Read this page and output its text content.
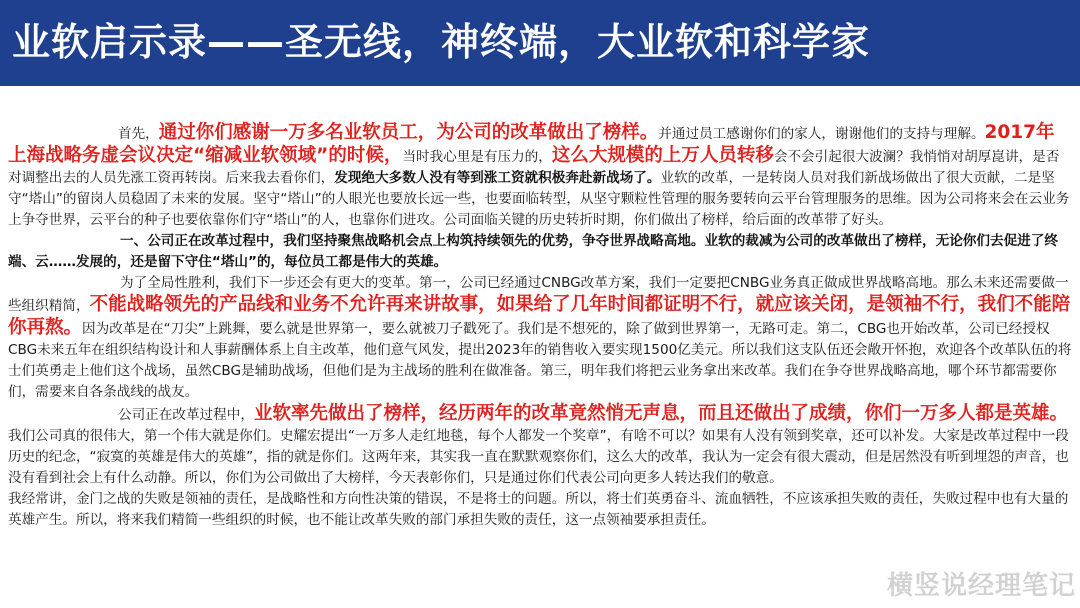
业软启示录——圣无线，神终端，大业软和科学家

首先，通过你们感谢一万多名业软员工，为公司的改革做出了榜样。并通过员工感谢你们的家人，谢谢他们的支持与理解。2017年上海战略务虚会议决定“缩减业软领域”的时候，当时我心里是有压力的，这么大规模的上万人员转移会不会引起很大波澜？我悄悄对胡厚崑讲，是否对调整出去的人员先涨工资再转岗。后来我去看你们，发现绝大多数人没有等到涨工资就积极奔赴新战场了。业软的改革，一是转岗人员对我们新战场做出了很大贡献，二是坚守“塔山”的留岗人员稳固了未来的发展。坚守“塔山”的人眼光也要放长远一些，也要面临转型，从坚守颗粒性管理的服务要转向云平台管理服务的思维。因为公司将来会在云业务上争夺世界，云平台的种子也要依靠你们守“塔山”的人，也靠你们进攻。公司面临关键的历史转折时期，你们做出了榜样，给后面的改革带了好头。

一、公司正在改革过程中，我们坚持聚焦战略机会点上构筑持续领先的优势，争夺世界战略高地。业软的裁减为公司的改革做出了榜样，无论你们去促进了终端、云……发展的，还是留下守住“塔山”的，每位员工都是伟大的英雄。

为了全局性胜利，我们下一步还会有更大的变革。第一，公司已经通过CNBG改革方案，我们一定要把CNBG业务真正做成世界战略高地。那么未来还需要做一些组织精简，不能战略领先的产品线和业务不允许再来讲故事，如果给了几年时间都证明不行，就应该关闭，是领袖不行，我们不能陪你再熬。因为改革是在“刀尖”上跳舞，要么就是世界第一，要么就被刀子戳死了。我们是不想死的，除了做到世界第一，无路可走。第二，CBG也开始改革，公司已经授权CBG未来五年在组织结构设计和人事薪酬体系上自主改革，他们意气风发，提出2023年的销售收入要实现1500亿美元。所以我们这支队伍还会敞开怀抱，欢迎各个改革队伍的将士们英勇走上他们这个战场，虽然CBG是辅助战场，但他们是为主战场的胜利在做准备。第三，明年我们将把云业务拿出来改革。我们在争夺世界战略高地，哪个环节都需要你们，需要来自各条战线的战友。

公司正在改革过程中，业软率先做出了榜样，经历两年的改革竟然悄无声息，而且还做出了成绩，你们一万多人都是英雄。我们公司真的很伟大，第一个伟大就是你们。史耀宏提出“一万多人走红地毯，每个人都发一个奖章”，有啥不可以？如果有人没有领到奖章，还可以补发。大家是改革过程中一段历史的纪念，“寂寞的英雄是伟大的英雄”，指的就是你们。这两年来，其实我一直在默默观察你们，这么大的改革，我认为一定会有很大震动，但是居然没有听到埋怨的声音，也没有看到社会上有什么动静。所以，你们为公司做出了大榜样，今天表彰你们，只是通过你们代表公司向更多人转达我们的敬意。

我经常讲，金门之战的失败是领袖的责任，是战略性和方向性决策的错误，不是将士的问题。所以，将士们英勇奋斗、流血牺牲，不应该承担失败的责任，失败过程中也有大量的英雄产生。所以，将来我们精简一些组织的时候，也不能让改革失败的部门承担失败的责任，这一点领袖要承担责任。

横竖说经理笔记
